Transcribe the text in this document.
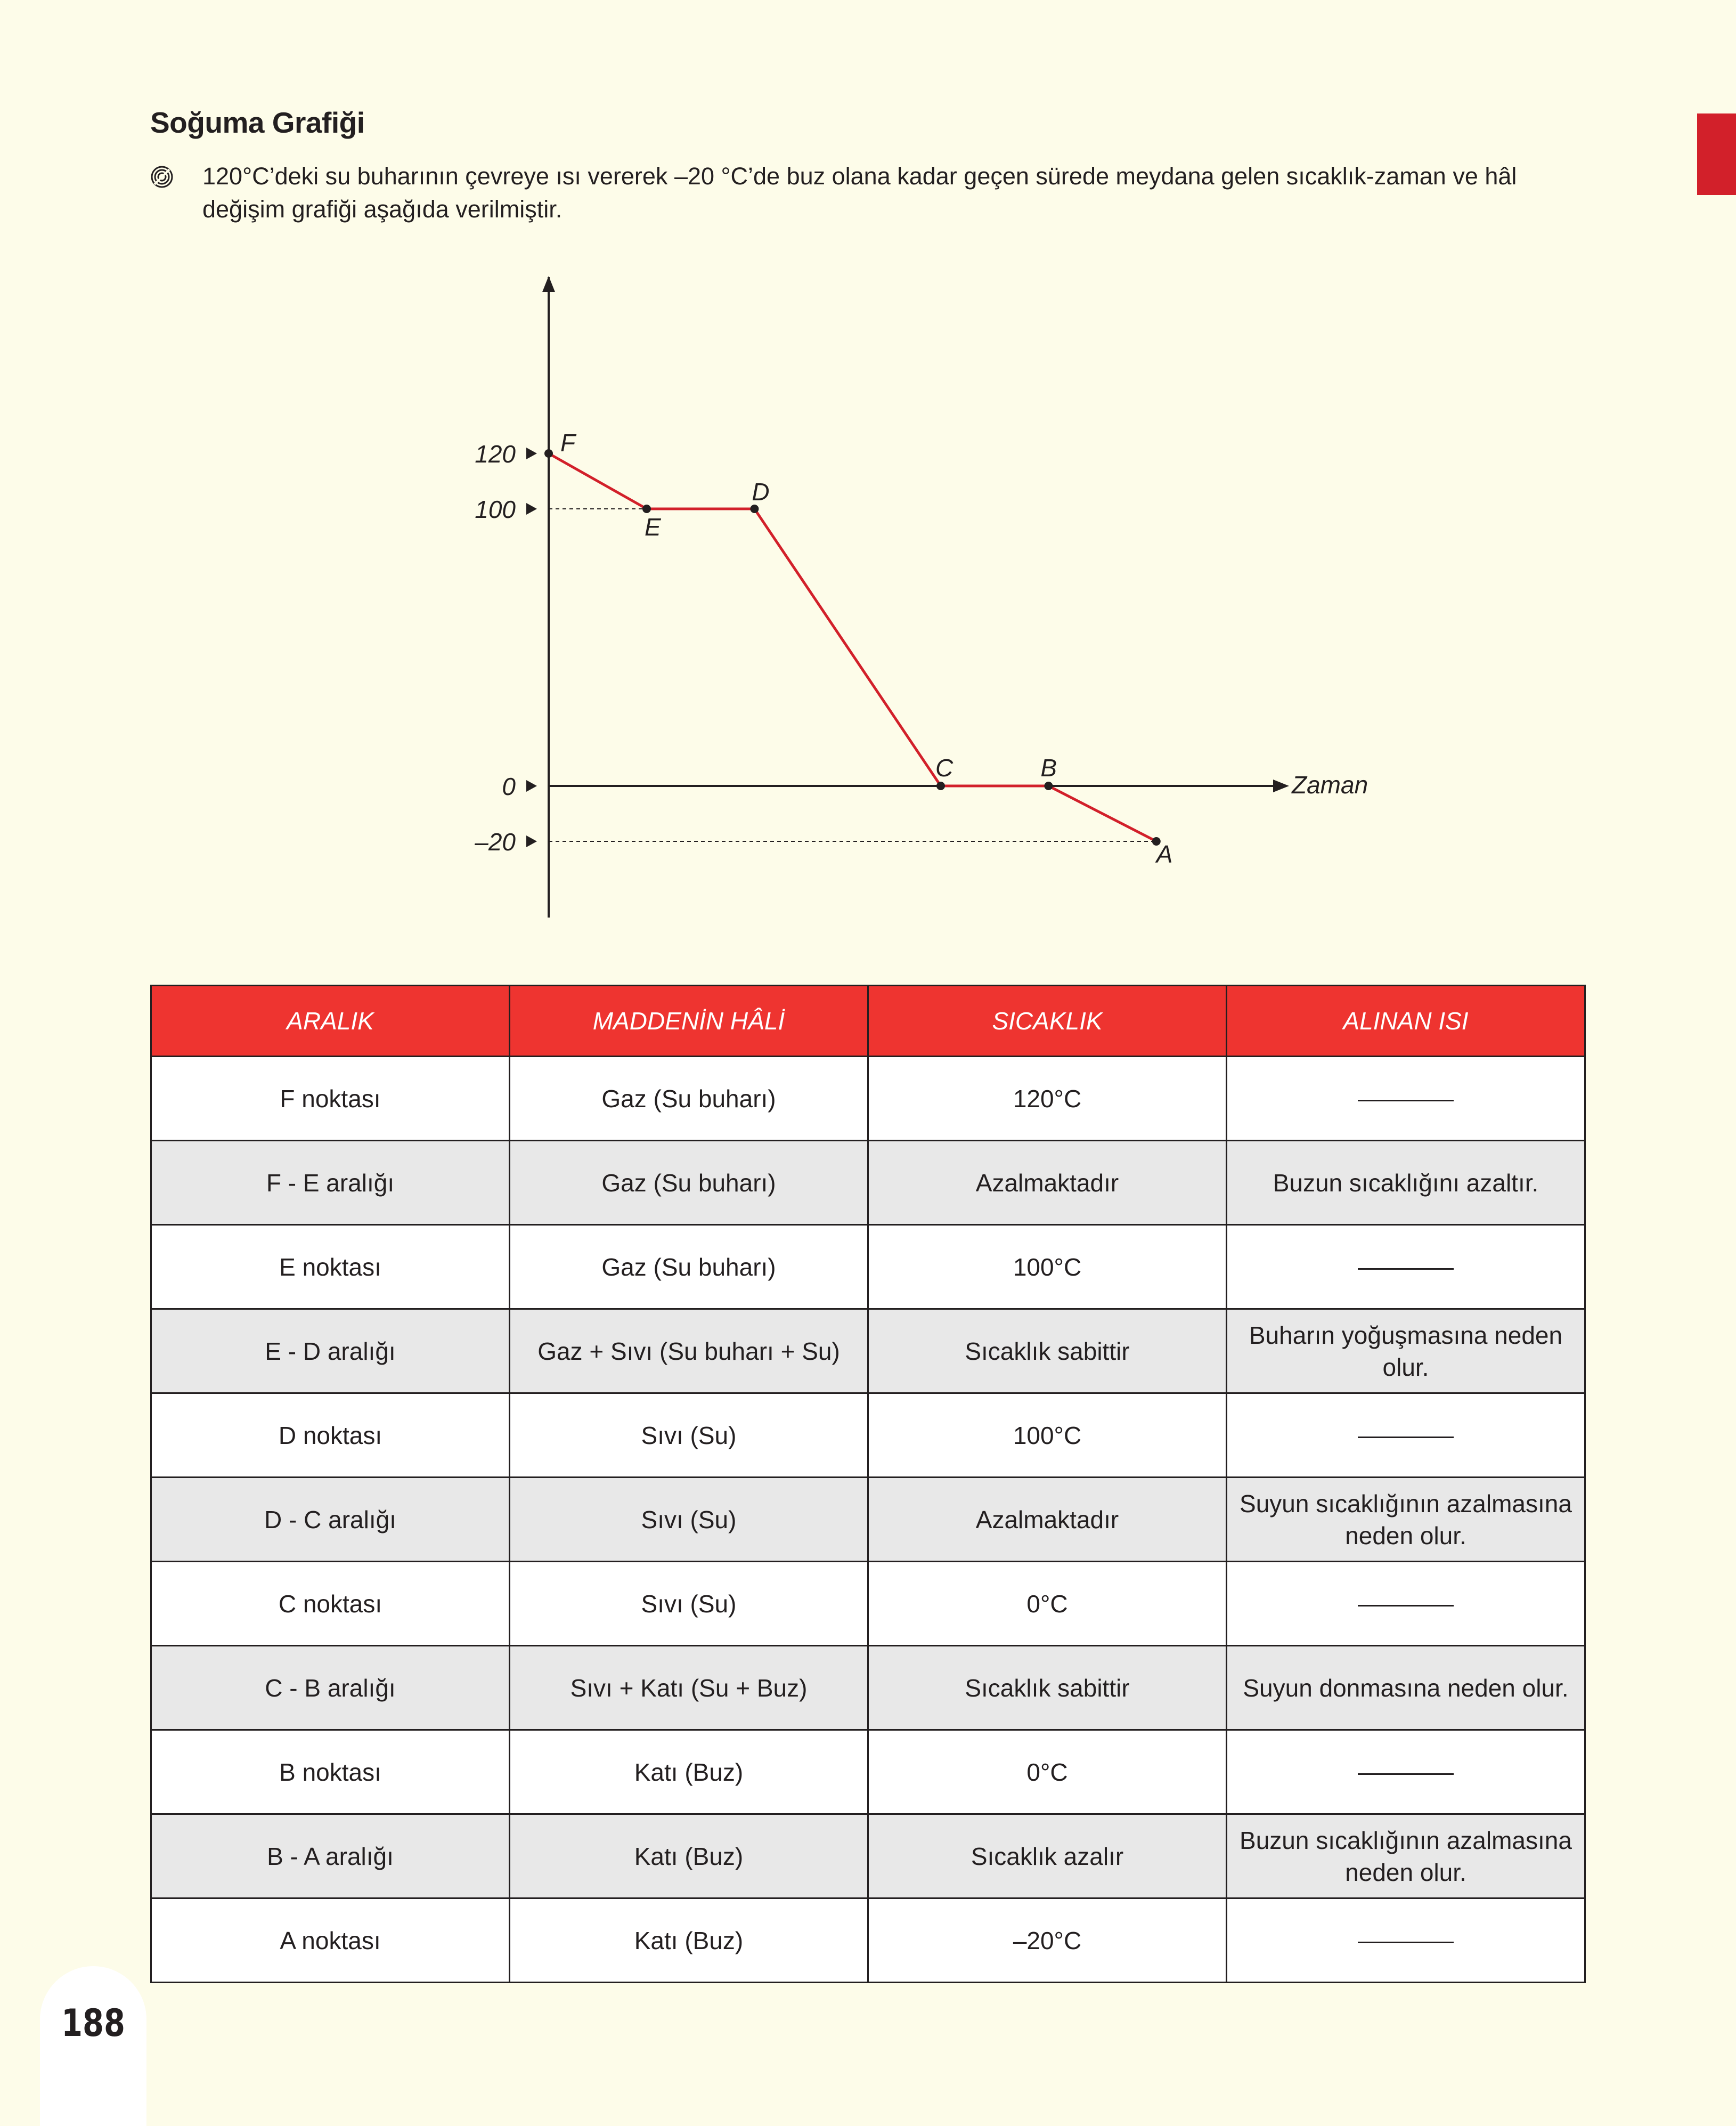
Soğuma Grafiği

120°C’deki su buharının çevreye ısı vererek –20 °C’de buz olana kadar geçen sürede meydana gelen sıcaklık-zaman ve hâl değişim grafiği aşağıda verilmiştir.

Zaman
120
100
0
–20
F
E
D
C	B
A
ARALIK	MADDENİN HÂLİ	SICAKLIK	ALINAN ISI
F noktası	Gaz (Su buharı)	120°C	
F - E aralığı	Gaz (Su buharı)	Azalmaktadır	Buzun sıcaklığını azaltır.
E noktası	Gaz (Su buharı)	100°C	
E - D aralığı	Gaz + Sıvı (Su buharı + Su)	Sıcaklık sabittir	Buharın yoğuşmasına neden olur.
D noktası	Sıvı (Su)	100°C	
D - C aralığı	Sıvı (Su)	Azalmaktadır	Suyun sıcaklığının azalmasına neden olur.
C noktası	Sıvı (Su)	0°C	
C - B aralığı	Sıvı + Katı (Su + Buz)	Sıcaklık sabittir	Suyun donmasına neden olur.
B noktası	Katı (Buz)	0°C	
B - A aralığı	Katı (Buz)	Sıcaklık azalır	Buzun sıcaklığının azalmasına neden olur.
A noktası	Katı (Buz)	–20°C	

188
